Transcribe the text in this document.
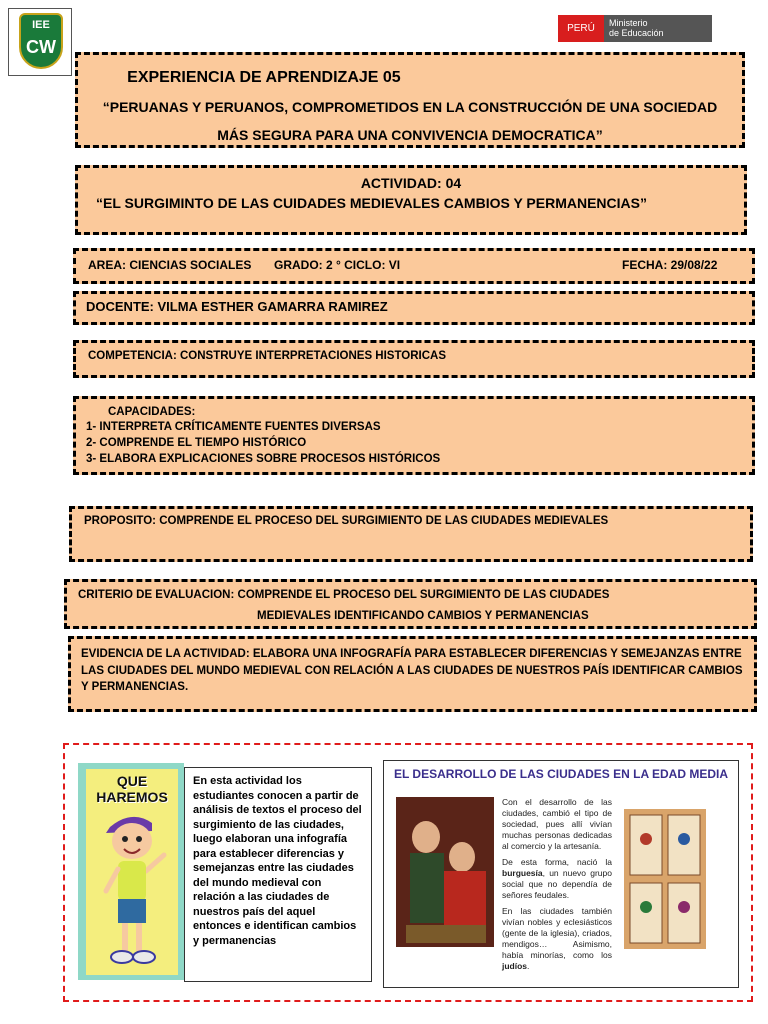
IEE
CW
PERÚ	Ministerio
de Educación
EXPERIENCIA DE APRENDIZAJE 05
“PERUANAS Y PERUANOS, COMPROMETIDOS EN LA CONSTRUCCIÓN DE UNA SOCIEDAD
MÁS SEGURA PARA UNA CONVIVENCIA DEMOCRATICA”
ACTIVIDAD: 04
“EL SURGIMINTO DE LAS CUIDADES MEDIEVALES CAMBIOS Y PERMANENCIAS”
AREA: CIENCIAS SOCIALES GRADO: 2 ° CICLO: VI	FECHA: 29/08/22
DOCENTE: VILMA ESTHER GAMARRA RAMIREZ
COMPETENCIA: CONSTRUYE INTERPRETACIONES HISTORICAS
CAPACIDADES:
1- INTERPRETA CRÍTICAMENTE FUENTES DIVERSAS
2- COMPRENDE EL TIEMPO HISTÓRICO
3- ELABORA EXPLICACIONES SOBRE PROCESOS HISTÓRICOS
PROPOSITO: COMPRENDE EL PROCESO DEL SURGIMIENTO DE LAS CIUDADES MEDIEVALES
CRITERIO DE EVALUACION: COMPRENDE EL PROCESO DEL SURGIMIENTO DE LAS CIUDADES
MEDIEVALES IDENTIFICANDO CAMBIOS Y PERMANENCIAS
EVIDENCIA DE LA ACTIVIDAD: ELABORA UNA INFOGRAFÍA PARA ESTABLECER DIFERENCIAS Y SEMEJANZAS ENTRE LAS CIUDADES DEL MUNDO MEDIEVAL CON RELACIÓN A LAS CIUDADES DE NUESTROS PAÍS IDENTIFICAR CAMBIOS Y PERMANENCIAS.
QUE
HAREMOS
En esta actividad los estudiantes conocen a partir de análisis de textos el proceso del surgimiento de las ciudades, luego elaboran una infografía para establecer diferencias y semejanzas entre las ciudades del mundo medieval con relación a las ciudades de nuestros país del aquel entonces e identifican cambios y permanencias
EL DESARROLLO DE LAS CIUDADES EN LA EDAD MEDIA

Con el desarrollo de las ciudades, cambió el tipo de sociedad, pues allí vivían muchas personas dedicadas al comercio y la artesanía.

De esta forma, nació la burguesía, un nuevo grupo social que no dependía de señores feudales.

En las ciudades también vivían nobles y eclesiásticos (gente de la iglesia), criados, mendigos… Asimismo, había minorías, como los judíos.
